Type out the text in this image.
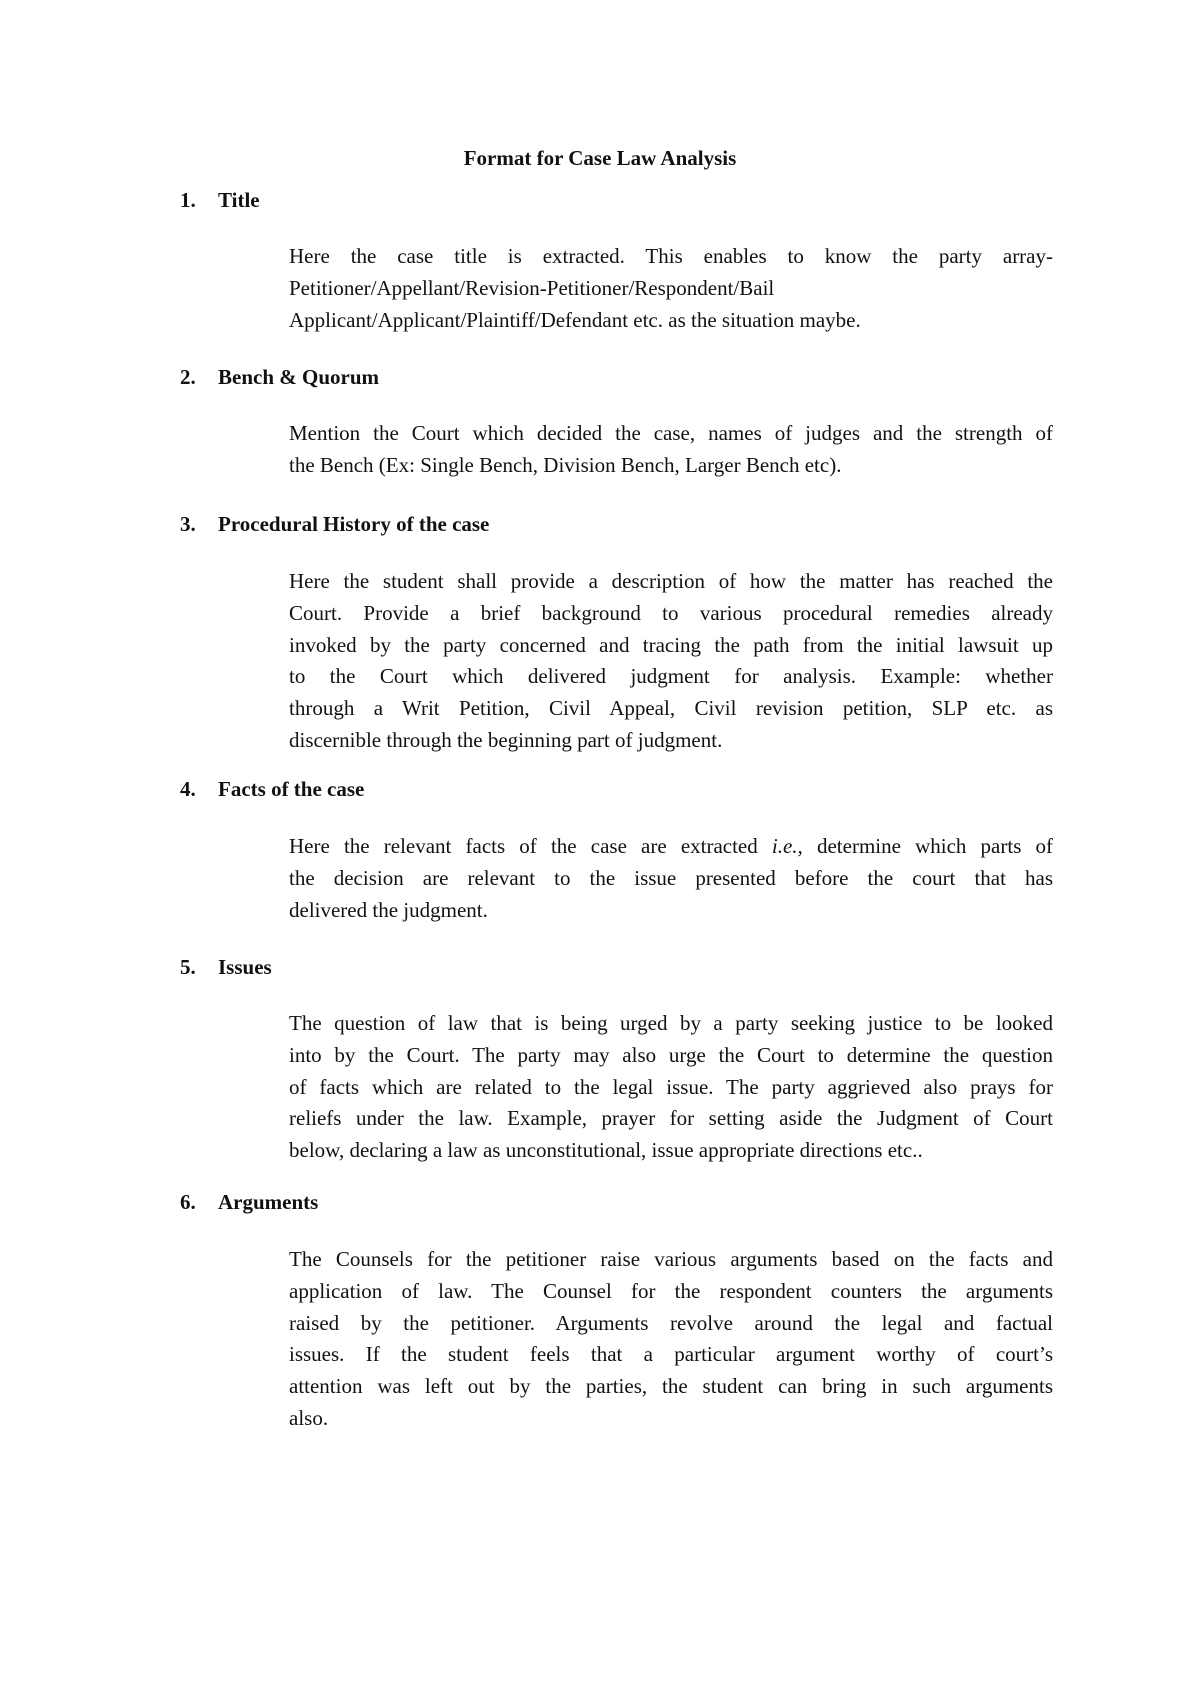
Format for Case Law Analysis
1. Title
Here the case title is extracted. This enables to know the party array-
Petitioner/Appellant/Revision-Petitioner/Respondent/Bail
Applicant/Applicant/Plaintiff/Defendant etc. as the situation maybe.
2. Bench & Quorum
Mention the Court which decided the case, names of judges and the strength of
the Bench (Ex: Single Bench, Division Bench, Larger Bench etc).
3. Procedural History of the case
Here the student shall provide a description of how the matter has reached the
Court. Provide a brief background to various procedural remedies already
invoked by the party concerned and tracing the path from the initial lawsuit up
to the Court which delivered judgment for analysis. Example: whether
through a Writ Petition, Civil Appeal, Civil revision petition, SLP etc. as
discernible through the beginning part of judgment.
4. Facts of the case
Here the relevant facts of the case are extracted i.e., determine which parts of
the decision are relevant to the issue presented before the court that has
delivered the judgment.
5. Issues
The question of law that is being urged by a party seeking justice to be looked
into by the Court. The party may also urge the Court to determine the question
of facts which are related to the legal issue. The party aggrieved also prays for
reliefs under the law. Example, prayer for setting aside the Judgment of Court
below, declaring a law as unconstitutional, issue appropriate directions etc..
6. Arguments
The Counsels for the petitioner raise various arguments based on the facts and
application of law. The Counsel for the respondent counters the arguments
raised by the petitioner. Arguments revolve around the legal and factual
issues. If the student feels that a particular argument worthy of court’s
attention was left out by the parties, the student can bring in such arguments
also.
